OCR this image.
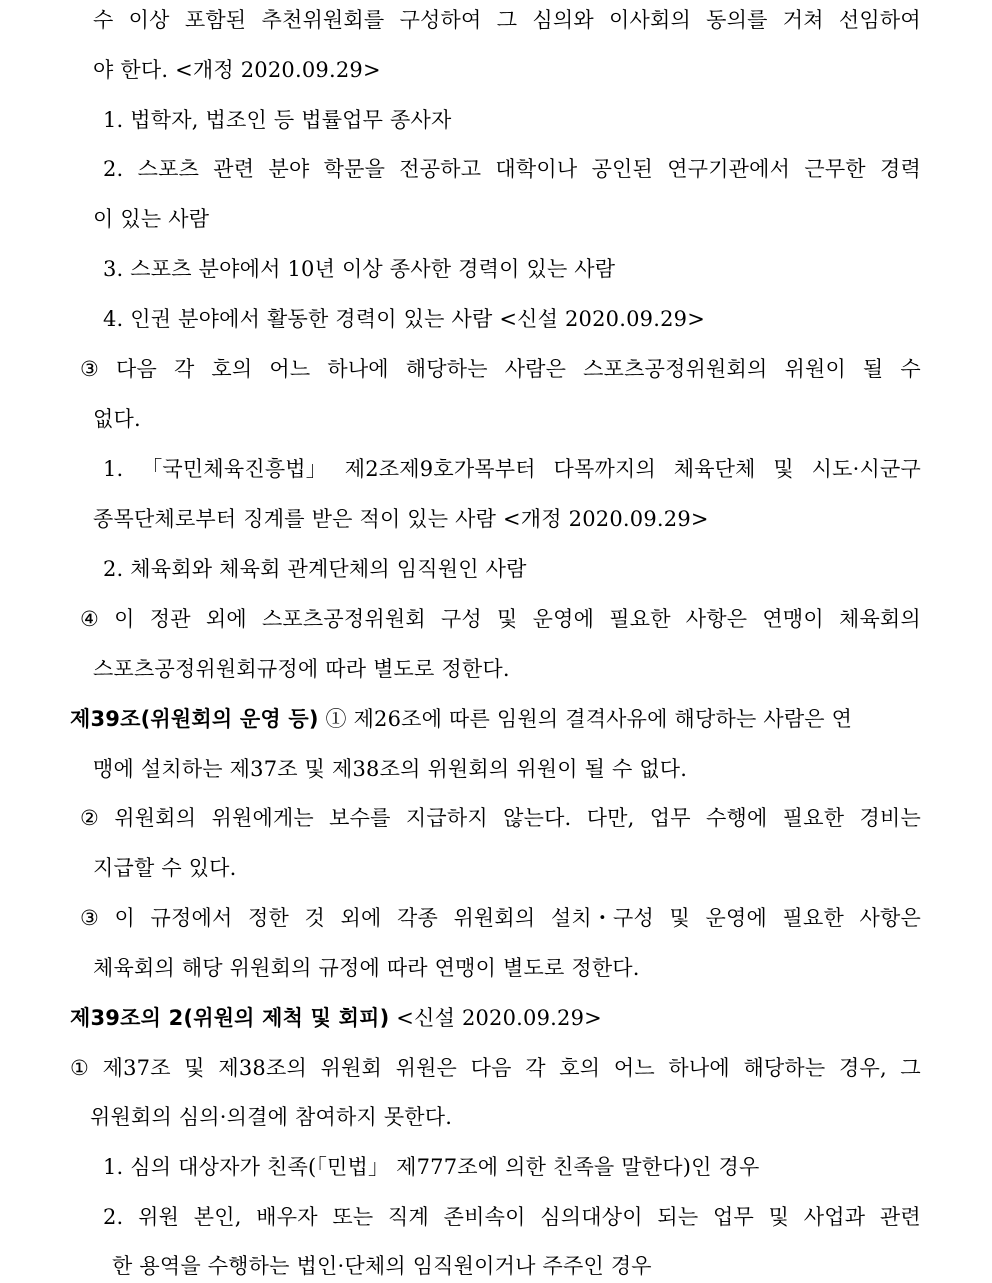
수 이상 포함된 추천위원회를 구성하여 그 심의와 이사회의 동의를 거쳐 선임하여
야 한다. <개정 2020.09.29>
1. 법학자, 법조인 등 법률업무 종사자
2. 스포츠 관련 분야 학문을 전공하고 대학이나 공인된 연구기관에서 근무한 경력
이 있는 사람
3. 스포츠 분야에서 10년 이상 종사한 경력이 있는 사람
4. 인권 분야에서 활동한 경력이 있는 사람 <신설 2020.09.29>
③ 다음 각 호의 어느 하나에 해당하는 사람은 스포츠공정위원회의 위원이 될 수
없다.
1. 「국민체육진흥법」 제2조제9호가목부터 다목까지의 체육단체 및 시도·시군구
종목단체로부터 징계를 받은 적이 있는 사람 <개정 2020.09.29>
2. 체육회와 체육회 관계단체의 임직원인 사람
④ 이 정관 외에 스포츠공정위원회 구성 및 운영에 필요한 사항은 연맹이 체육회의
스포츠공정위원회규정에 따라 별도로 정한다.
제39조(위원회의 운영 등) ① 제26조에 따른 임원의 결격사유에 해당하는 사람은 연
맹에 설치하는 제37조 및 제38조의 위원회의 위원이 될 수 없다.
② 위원회의 위원에게는 보수를 지급하지 않는다. 다만, 업무 수행에 필요한 경비는
지급할 수 있다.
③ 이 규정에서 정한 것 외에 각종 위원회의 설치・구성 및 운영에 필요한 사항은
체육회의 해당 위원회의 규정에 따라 연맹이 별도로 정한다.
제39조의 2(위원의 제척 및 회피) <신설 2020.09.29>
① 제37조 및 제38조의 위원회 위원은 다음 각 호의 어느 하나에 해당하는 경우, 그
위원회의 심의·의결에 참여하지 못한다.
1. 심의 대상자가 친족(「민법」 제777조에 의한 친족을 말한다)인 경우
2. 위원 본인, 배우자 또는 직계 존비속이 심의대상이 되는 업무 및 사업과 관련
한 용역을 수행하는 법인·단체의 임직원이거나 주주인 경우
